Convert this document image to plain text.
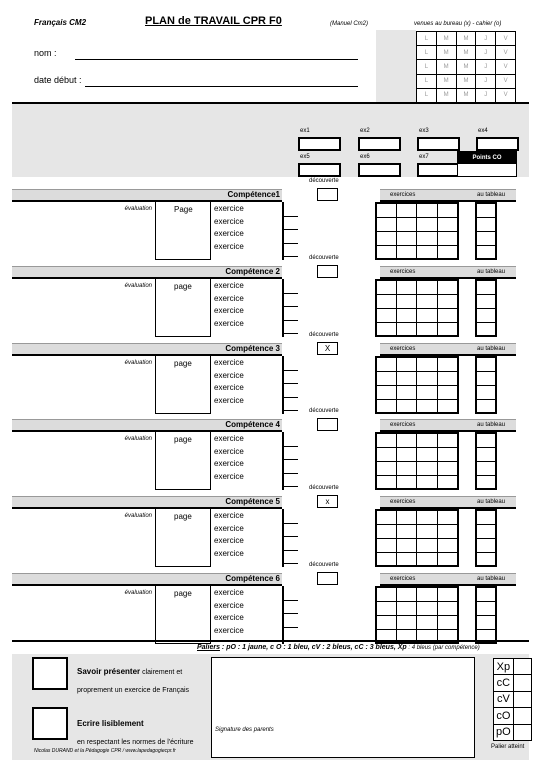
Français CM2	PLAN de TRAVAIL CPR F0	(Manuel Cm2)	venues au bureau (x) - cahier (o)
L	M	M	J	V
L	M	M	J	V
L	M	M	J	V
L	M	M	J	V
L	M	M	J	V
nom :
date début :
ex1	ex2	ex3	ex4
ex5	ex6	ex7	Points CO
Compétence1
découverte
exercices	au tableau
évaluation	Page	exercice
exercice
exercice
exercice

Compétence 2
découverte
exercices	au tableau
évaluation	page	exercice
exercice
exercice
exercice

Compétence 3
découverte
X	exercices	au tableau
évaluation	page	exercice
exercice
exercice
exercice

Compétence 4
découverte
exercices	au tableau
évaluation	page	exercice
exercice
exercice
exercice

Compétence 5
découverte
x	exercices	au tableau
évaluation	page	exercice
exercice
exercice
exercice

Compétence 6
découverte
exercices	au tableau
évaluation	page	exercice
exercice
exercice
exercice

Paliers : pO : 1 jaune, c O : 1 bleu, cV : 2 bleus, cC : 3 bleus, Xp : 4 bleus (par compétence)
Savoir présenter clairement et
proprement un exercice de Français
Ecrire lisiblement
en respectant les normes de l'écriture
Nicolas DURAND et la Pédagogie CPR / www.lapedagogiecpr.fr
Signature des parents
Xp	
cC	
cV	
cO	
pO	
Palier atteint
